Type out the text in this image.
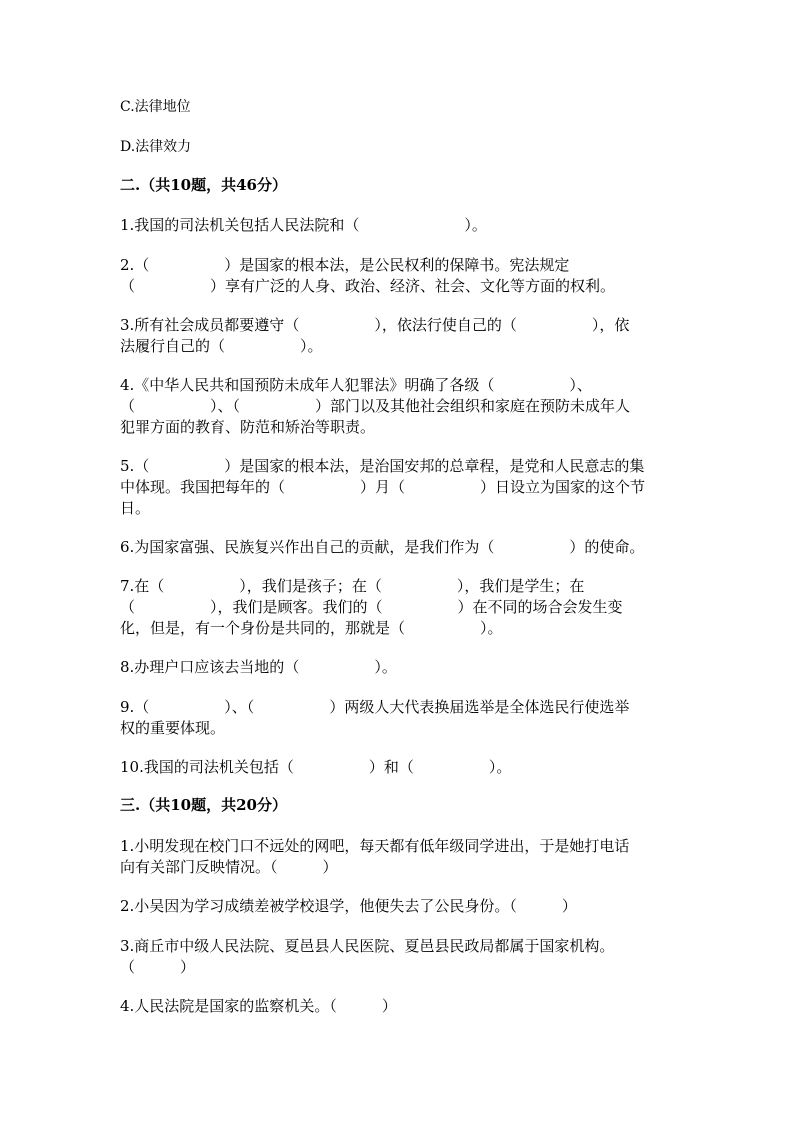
C.法律地位
D.法律效力
二.（共10题，共46分）
1.我国的司法机关包括人民法院和（　　　　　　　）。
2.（　　　　　）是国家的根本法，是公民权利的保障书。宪法规定
（　　　　　）享有广泛的人身、政治、经济、社会、文化等方面的权利。
3.所有社会成员都要遵守（　　　　　），依法行使自己的（　　　　　），依
法履行自己的（　　　　　）。
4.《中华人民共和国预防未成年人犯罪法》明确了各级（　　　　　）、
（　　　　　）、（　　　　　）部门以及其他社会组织和家庭在预防未成年人
犯罪方面的教育、防范和矫治等职责。
5.（　　　　　）是国家的根本法，是治国安邦的总章程，是党和人民意志的集
中体现。我国把每年的（　　　　　）月（　　　　　）日设立为国家的这个节
日。
6.为国家富强、民族复兴作出自己的贡献，是我们作为（　　　　　）的使命。
7.在（　　　　　），我们是孩子；在（　　　　　），我们是学生；在
（　　　　　），我们是顾客。我们的（　　　　　）在不同的场合会发生变
化，但是，有一个身份是共同的，那就是（　　　　　）。
8.办理户口应该去当地的（　　　　　）。
9.（　　　　　）、（　　　　　）两级人大代表换届选举是全体选民行使选举
权的重要体现。
10.我国的司法机关包括（　　　　　）和（　　　　　）。
三.（共10题，共20分）
1.小明发现在校门口不远处的网吧，每天都有低年级同学进出，于是她打电话
向有关部门反映情况。（　　　）
2.小吴因为学习成绩差被学校退学，他便失去了公民身份。（　　　）
3.商丘市中级人民法院、夏邑县人民医院、夏邑县民政局都属于国家机构。
（　　　）
4.人民法院是国家的监察机关。（　　　）
